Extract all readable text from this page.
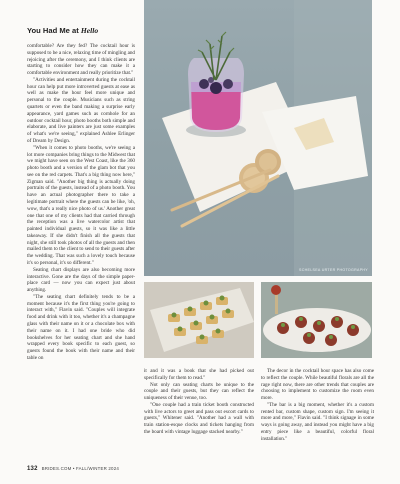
You Had Me at Hello

comfortable? Are they fed? The cocktail hour is supposed to be a nice, relaxing time of mingling and rejoicing after the ceremony, and I think clients are starting to consider how they can make it a comfortable environment and really prioritize that."

"Activities and entertainment during the cocktail hour can help put more introverted guests at ease as well as make the hour feel more unique and personal to the couple. Musicians such as string quartets or even the band making a surprise early appearance, yard games such as cornhole for an outdoor cocktail hour, photo booths both simple and elaborate, and live painters are just some examples of what's we're seeing," explained Ashlee Erlinger of Dream by Design.

"When it comes to photo booths, we're seeing a lot more companies bring things to the Midwest that we might have seen on the West Coast, like the 360 photo booth and a version of the glam bot that you see on the red carpets. That's a big thing now here," Zigman said. "Another big thing is actually doing portraits of the guests, instead of a photo booth. You have an actual photographer there to take a legitimate portrait where the guests can be like, 'oh, wow, that's a really nice photo of us.' Another great one that one of my clients had that carried through the reception was a live watercolor artist that painted individual guests, so it was like a little takeaway. If she didn't finish all the guests that night, she still took photos of all the guests and then mailed them to the client to send to their guests after the wedding. That was such a lovely touch because it's so personal, it's so different."

Seating chart displays are also becoming more interactive. Gone are the days of the simple paper-place card — now you can expect just about anything.

"The seating chart definitely tends to be a moment because it's the first thing you're going to interact with," Flavin said. "Couples will integrate food and drink with it too, whether it's a champagne glass with their name on it or a chocolate box with their name on it. I had one bride who did bookshelves for her seating chart and she hand wrapped every book specific to each guest, so guests found the book with their name and their table on

SCHELSEA URTER PHOTOGRAPHY

it and it was a book that she had picked out specifically for them to read."

Not only can seating charts be unique to the couple and their guests, but they can reflect the uniqueness of their venue, too.

"One couple had a train ticket booth constructed with live actors to greet and pass out escort cards to guests," Whitener said. "Another had a wall with train station-esque clocks and tickets hanging from the board with vintage luggage stacked nearby."

The decor in the cocktail hour space has also come to reflect the couple. While beautiful florals are all the rage right now, there are other trends that couples are choosing to implement to customize the room even more.

"The bar is a big moment, whether it's a custom rented bar, custom shape, custom sign. I'm seeing it more and more," Flavin said. "I think signage in some ways is going away, and instead you might have a big entry piece like a beautiful, colorful floral installation."

132 BRIDES.COM • FALL/WINTER 2024
